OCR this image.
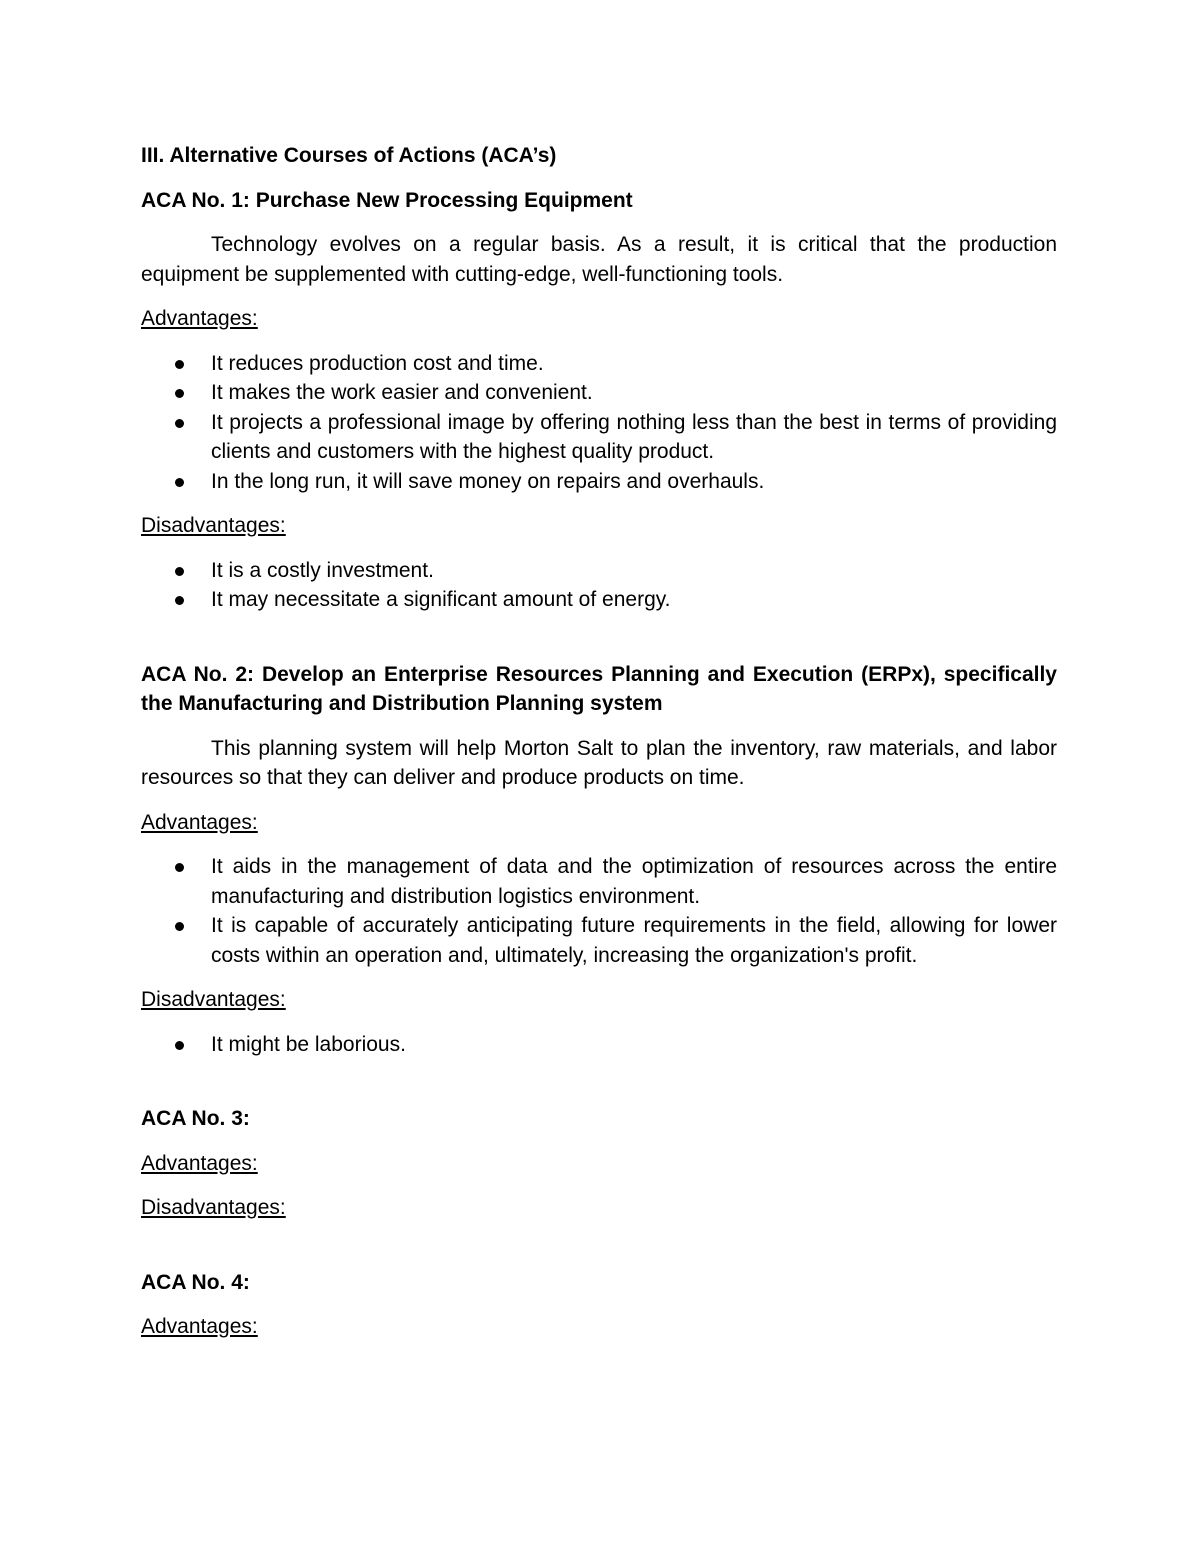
III. Alternative Courses of Actions (ACA’s)

ACA No. 1: Purchase New Processing Equipment

Technology evolves on a regular basis. As a result, it is critical that the production equipment be supplemented with cutting-edge, well-functioning tools.

Advantages:

It reduces production cost and time.
It makes the work easier and convenient.
It projects a professional image by offering nothing less than the best in terms of providing clients and customers with the highest quality product.
In the long run, it will save money on repairs and overhauls.

Disadvantages:

It is a costly investment.
It may necessitate a significant amount of energy.

ACA No. 2: Develop an Enterprise Resources Planning and Execution (ERPx), specifically the Manufacturing and Distribution Planning system

This planning system will help Morton Salt to plan the inventory, raw materials, and labor resources so that they can deliver and produce products on time.

Advantages:

It aids in the management of data and the optimization of resources across the entire manufacturing and distribution logistics environment.
It is capable of accurately anticipating future requirements in the field, allowing for lower costs within an operation and, ultimately, increasing the organization's profit.

Disadvantages:

It might be laborious.

ACA No. 3:

Advantages:

Disadvantages:

ACA No. 4:

Advantages:
